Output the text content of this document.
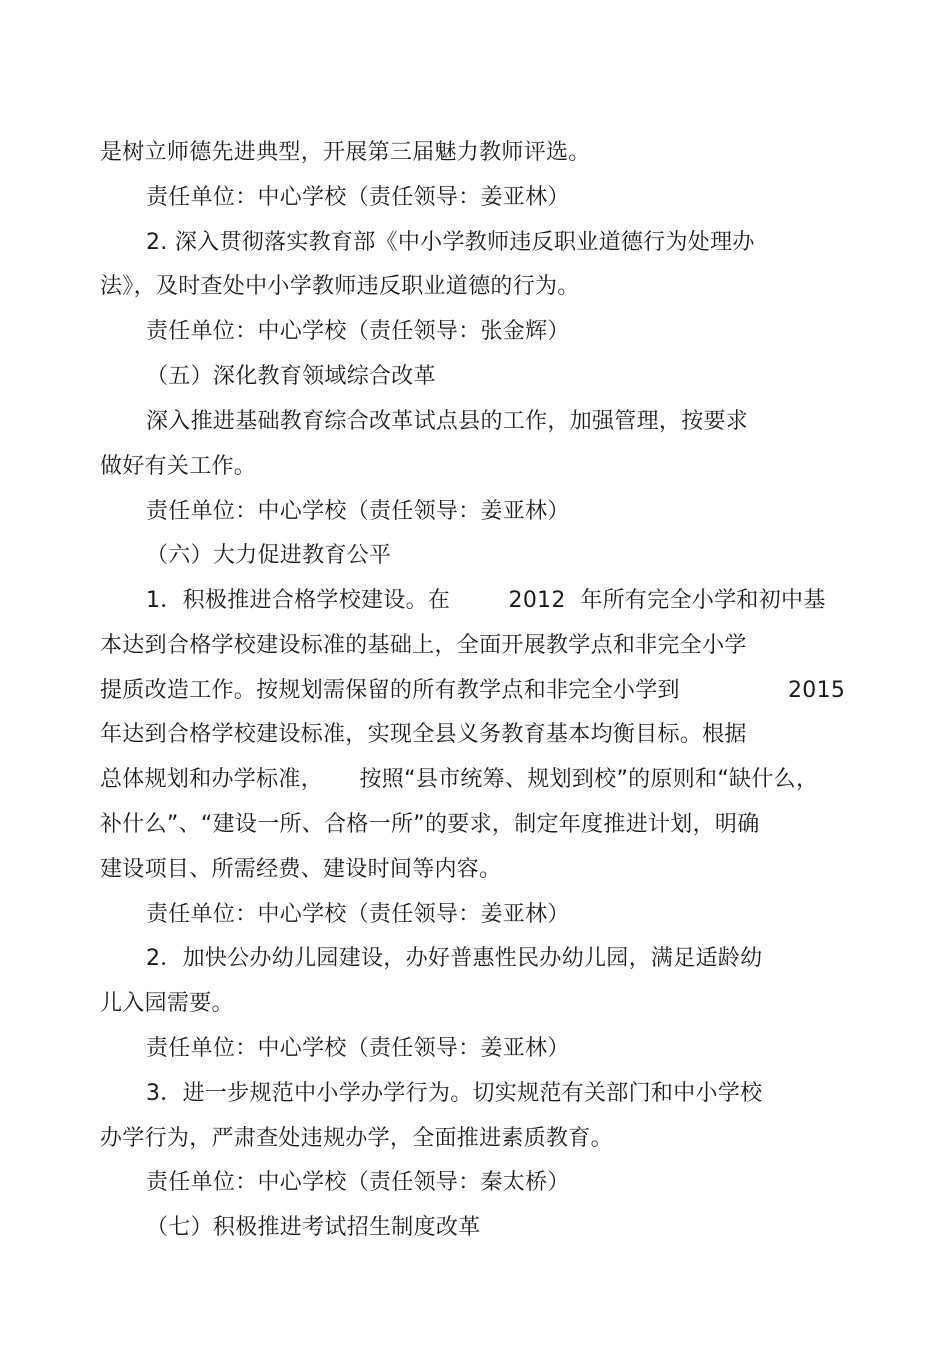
是树立师德先进典型，开展第三届魅力教师评选。
责任单位：中心学校（责任领导：姜亚林）
2. 深入贯彻落实教育部《中小学教师违反职业道德行为处理办
法》，及时查处中小学教师违反职业道德的行为。
责任单位：中心学校（责任领导：张金辉）
（五）深化教育领域综合改革
深入推进基础教育综合改革试点县的工作，加强管理，按要求
做好有关工作。
责任单位：中心学校（责任领导：姜亚林）
（六）大力促进教育公平
1．积极推进合格学校建设。在        2012  年所有完全小学和初中基
本达到合格学校建设标准的基础上，全面开展教学点和非完全小学
提质改造工作。按规划需保留的所有教学点和非完全小学到	2015
年达到合格学校建设标准，实现全县义务教育基本均衡目标。根据
总体规划和办学标准，     按照“县市统筹、规划到校”的原则和“缺什么，
补什么”、“建设一所、合格一所”的要求，制定年度推进计划，明确
建设项目、所需经费、建设时间等内容。
责任单位：中心学校（责任领导：姜亚林）
2．加快公办幼儿园建设，办好普惠性民办幼儿园，满足适龄幼
儿入园需要。
责任单位：中心学校（责任领导：姜亚林）
3．进一步规范中小学办学行为。切实规范有关部门和中小学校
办学行为，严肃查处违规办学，全面推进素质教育。
责任单位：中心学校（责任领导：秦太桥）
（七）积极推进考试招生制度改革
